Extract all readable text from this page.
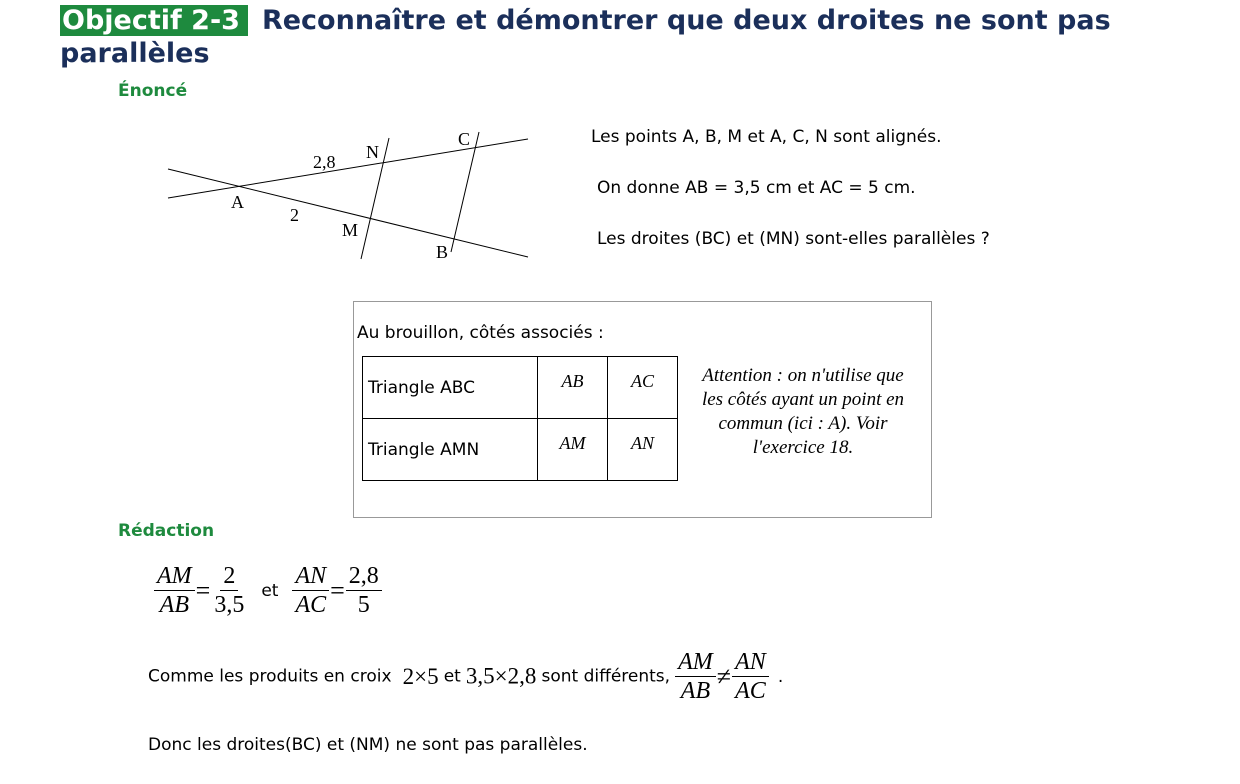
Objectif 2-3 Reconnaître et démontrer que deux droites ne sont pas
parallèles
Énoncé
A
N
C
M
B
2,8
2
Les points A, B, M et A, C, N sont alignés.
On donne AB = 3,5 cm et AC = 5 cm.
Les droites (BC) et (MN) sont-elles parallèles ?
Au brouillon, côtés associés :
Triangle ABC	AB	AC
Triangle AMN	AM	AN
Attention : on n'utilise que
les côtés ayant un point en
commun (ici : A). Voir
l'exercice 18.
Rédaction
$\frac{AM}{AB} = \frac{2}{3,5}$ et $\frac{AN}{AC} = \frac{2,8}{5}$
Comme les produits en croix 2×5 et 3,5×2,8 sont différents, $\frac{AM}{AB} \ne \frac{AN}{AC}$ .
Donc les droites(BC) et (NM) ne sont pas parallèles.
